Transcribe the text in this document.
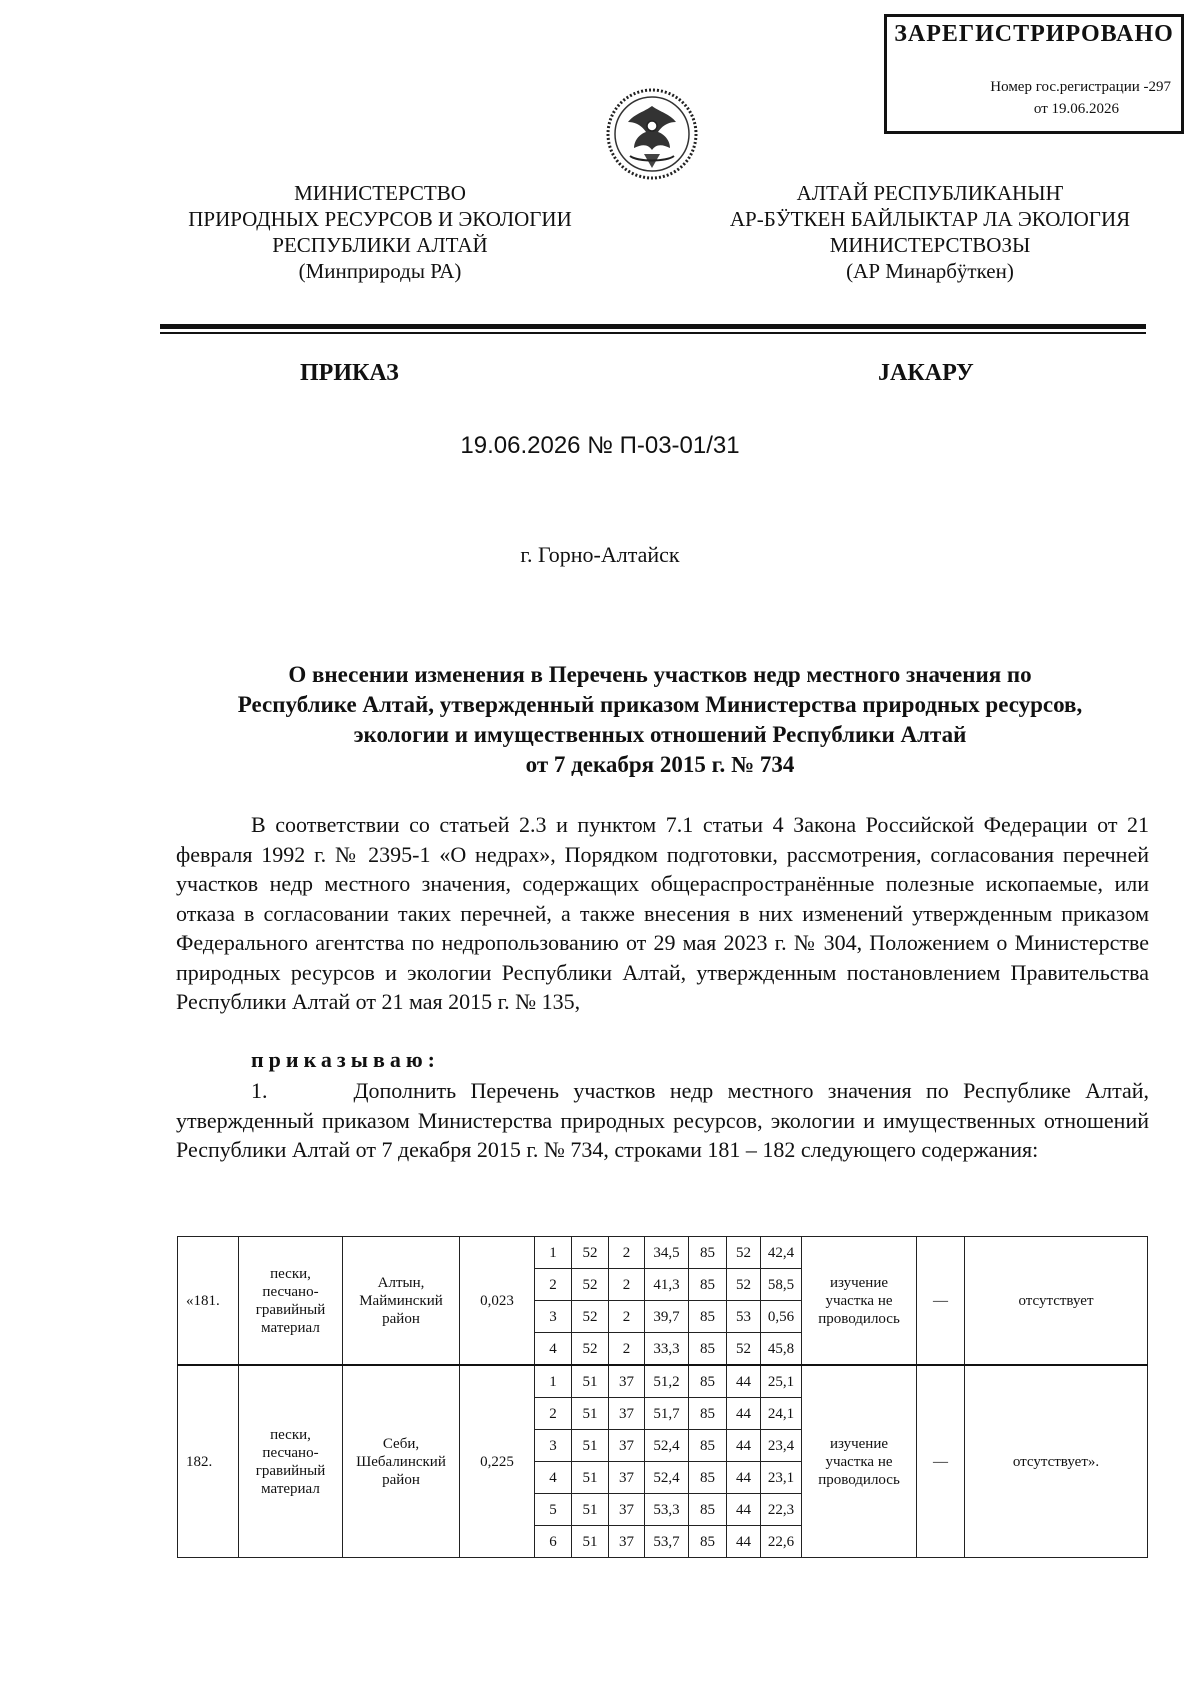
ЗАРЕГИСТРИРОВАНО
Номер гос.регистрации -297
от 19.06.2026
МИНИСТЕРСТВО
ПРИРОДНЫХ РЕСУРСОВ И ЭКОЛОГИИ
РЕСПУБЛИКИ АЛТАЙ
(Минприроды РА)
АЛТАЙ РЕСПУБЛИКАНЫҤ
АР-БӰТКЕН БАЙЛЫКТАР ЛА ЭКОЛОГИЯ
МИНИСТЕРСТВОЗЫ
(АР Минарбӱткен)
ПРИКАЗ	JАКАРУ
19.06.2026 № П-03-01/31
г. Горно-Алтайск
О внесении изменения в Перечень участков недр местного значения по
Республике Алтай, утвержденный приказом Министерства природных ресурсов,
экологии и имущественных отношений Республики Алтай
от 7 декабря 2015 г. № 734
В соответствии со статьей 2.3 и пунктом 7.1 статьи 4 Закона Российской Федерации от 21 февраля 1992 г. № 2395-1 «О недрах», Порядком подготовки, рассмотрения, согласования перечней участков недр местного значения, содержащих общераспространённые полезные ископаемые, или отказа в согласовании таких перечней, а также внесения в них изменений утвержденным приказом Федерального агентства по недропользованию от 29 мая 2023 г. № 304, Положением о Министерстве природных ресурсов и экологии Республики Алтай, утвержденным постановлением Правительства Республики Алтай от 21 мая 2015 г. № 135,
приказываю:
1.      Дополнить Перечень участков недр местного значения по Республике Алтай, утвержденный приказом Министерства природных ресурсов, экологии и имущественных отношений Республики Алтай от 7 декабря 2015 г. № 734, строками 181 – 182 следующего содержания:
«181.	пески, песчано-гравийный материал	Алтын, Майминский район	0,023	1	52	2	34,5	85	52	42,4	изучение участка не проводилось	—	отсутствует
				2	52	2	41,3	85	52	58,5			
				3	52	2	39,7	85	53	0,56			
				4	52	2	33,3	85	52	45,8			
182.	пески, песчано-гравийный материал	Себи, Шебалинский район	0,225	1	51	37	51,2	85	44	25,1	изучение участка не проводилось	—	отсутствует».
				2	51	37	51,7	85	44	24,1			
				3	51	37	52,4	85	44	23,4			
				4	51	37	52,4	85	44	23,1			
				5	51	37	53,3	85	44	22,3			
				6	51	37	53,7	85	44	22,6			
